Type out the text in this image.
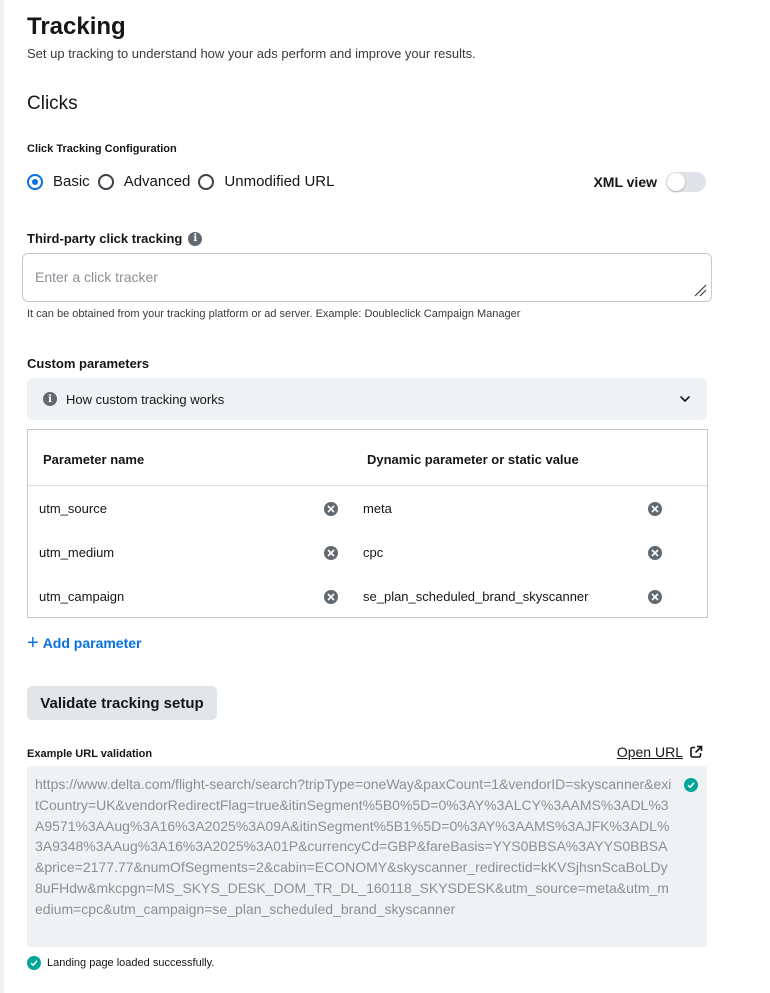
Tracking
Set up tracking to understand how your ads perform and improve your results.
Clicks
Click Tracking Configuration
Basic Advanced Unmodified URL	XML view
Third-party click tracking	i
Enter a click tracker
It can be obtained from your tracking platform or ad server. Example: Doubleclick Campaign Manager
Custom parameters
i	How custom tracking works
Parameter name	Dynamic parameter or static value
utm_source	meta
utm_medium	cpc
utm_campaign	se_plan_scheduled_brand_skyscanner
+ Add parameter
Validate tracking setup
Example URL validation	Open URL
https://www.delta.com/flight-search/search?tripType=oneWay&paxCount=1&vendorID=skyscanner&exitCountry=UK&vendorRedirectFlag=true&itinSegment%5B0%5D=0%3AY%3ALCY%3AAMS%3ADL%3A9571%3AAug%3A16%3A2025%3A09A&itinSegment%5B1%5D=0%3AY%3AAMS%3AJFK%3ADL%3A9348%3AAug%3A16%3A2025%3A01P&currencyCd=GBP&fareBasis=YYS0BBSA%3AYYS0BBSA&price=2177.77&numOfSegments=2&cabin=ECONOMY&skyscanner_redirectid=kKVSjhsnScaBoLDy8uFHdw&mkcpgn=MS_SKYS_DESK_DOM_TR_DL_160118_SKYSDESK&utm_source=meta&utm_medium=cpc&utm_campaign=se_plan_scheduled_brand_skyscanner
Landing page loaded successfully.
